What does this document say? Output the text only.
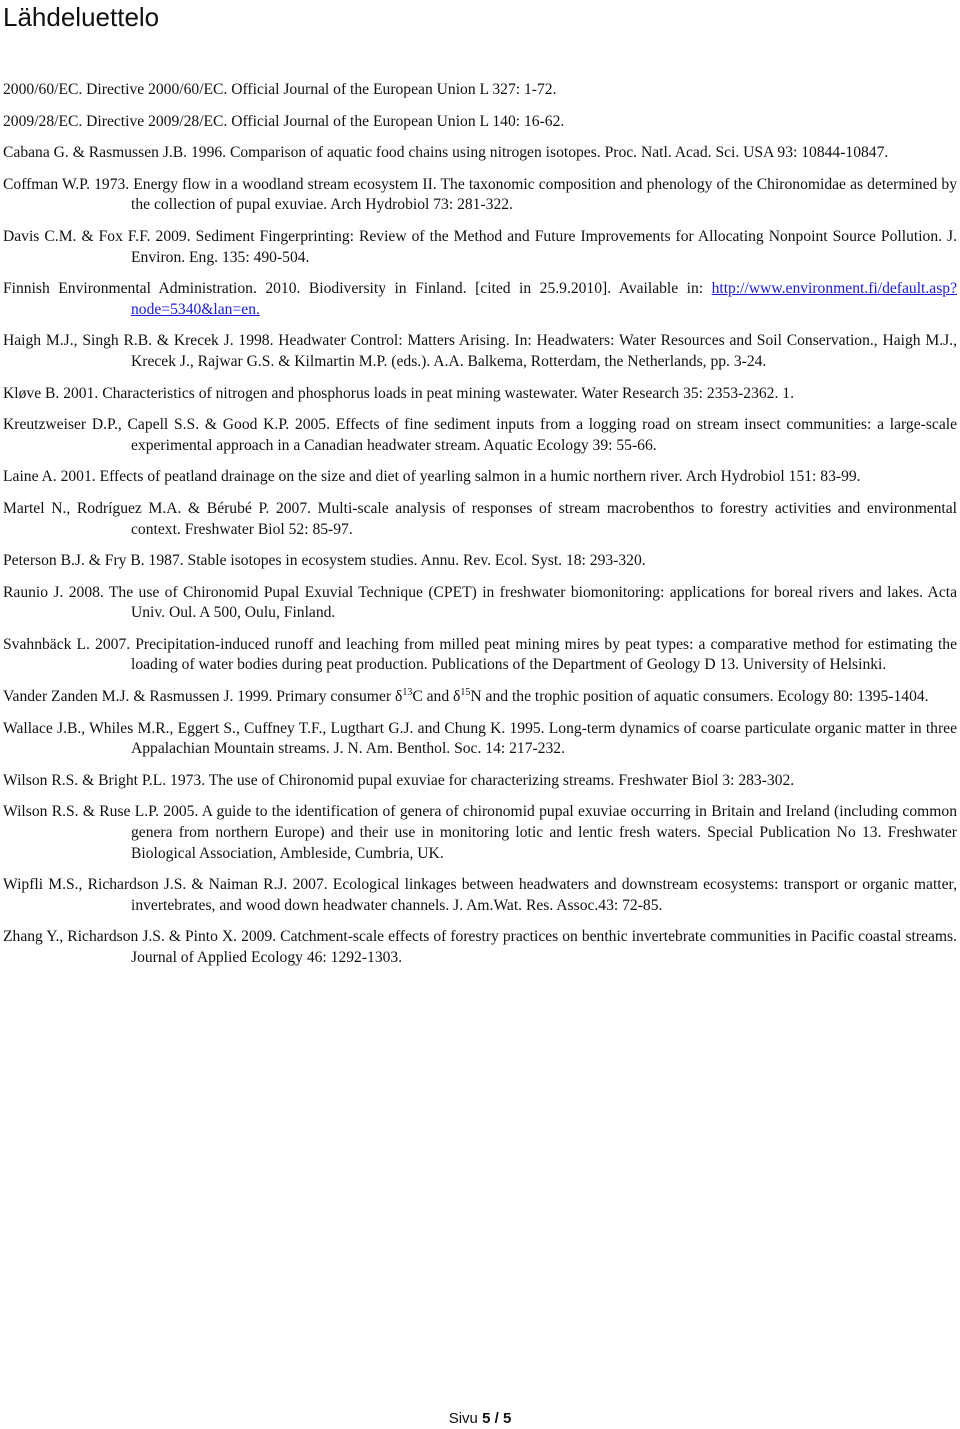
Lähdeluettelo

2000/60/EC. Directive 2000/60/EC. Official Journal of the European Union L 327: 1-72.

2009/28/EC. Directive 2009/28/EC. Official Journal of the European Union L 140: 16-62.

Cabana G. & Rasmussen J.B. 1996. Comparison of aquatic food chains using nitrogen isotopes. Proc. Natl. Acad. Sci. USA 93: 10844-10847.

Coffman W.P. 1973. Energy flow in a woodland stream ecosystem II. The taxonomic composition and phenology of the Chironomidae as determined by the collection of pupal exuviae. Arch Hydrobiol 73: 281-322.

Davis C.M. & Fox F.F. 2009. Sediment Fingerprinting: Review of the Method and Future Improvements for Allocating Nonpoint Source Pollution. J. Environ. Eng. 135: 490-504.

Finnish Environmental Administration. 2010. Biodiversity in Finland. [cited in 25.9.2010]. Available in: http://www.environment.fi/default.asp?node=5340&lan=en.

Haigh M.J., Singh R.B. & Krecek J. 1998. Headwater Control: Matters Arising. In: Headwaters: Water Resources and Soil Conservation., Haigh M.J., Krecek J., Rajwar G.S. & Kilmartin M.P. (eds.). A.A. Balkema, Rotterdam, the Netherlands, pp. 3-24.

Kløve B. 2001. Characteristics of nitrogen and phosphorus loads in peat mining wastewater. Water Research 35: 2353-2362. 1.

Kreutzweiser D.P., Capell S.S. & Good K.P. 2005. Effects of fine sediment inputs from a logging road on stream insect communities: a large-scale experimental approach in a Canadian headwater stream. Aquatic Ecology 39: 55-66.

Laine A. 2001. Effects of peatland drainage on the size and diet of yearling salmon in a humic northern river. Arch Hydrobiol 151: 83-99.

Martel N., Rodríguez M.A. & Bérubé P. 2007. Multi-scale analysis of responses of stream macrobenthos to forestry activities and environmental context. Freshwater Biol 52: 85-97.

Peterson B.J. & Fry B. 1987. Stable isotopes in ecosystem studies. Annu. Rev. Ecol. Syst. 18: 293-320.

Raunio J. 2008. The use of Chironomid Pupal Exuvial Technique (CPET) in freshwater biomonitoring: applications for boreal rivers and lakes. Acta Univ. Oul. A 500, Oulu, Finland.

Svahnbäck L. 2007. Precipitation-induced runoff and leaching from milled peat mining mires by peat types: a comparative method for estimating the loading of water bodies during peat production. Publications of the Department of Geology D 13. University of Helsinki.

Vander Zanden M.J. & Rasmussen J. 1999. Primary consumer $\delta^{13}C$ and $\delta^{15}N$ and the trophic position of aquatic consumers. Ecology 80: 1395-1404.

Wallace J.B., Whiles M.R., Eggert S., Cuffney T.F., Lugthart G.J. and Chung K. 1995. Long-term dynamics of coarse particulate organic matter in three Appalachian Mountain streams. J. N. Am. Benthol. Soc. 14: 217-232.

Wilson R.S. & Bright P.L. 1973. The use of Chironomid pupal exuviae for characterizing streams. Freshwater Biol 3: 283-302.

Wilson R.S. & Ruse L.P. 2005. A guide to the identification of genera of chironomid pupal exuviae occurring in Britain and Ireland (including common genera from northern Europe) and their use in monitoring lotic and lentic fresh waters. Special Publication No 13. Freshwater Biological Association, Ambleside, Cumbria, UK.

Wipfli M.S., Richardson J.S. & Naiman R.J. 2007. Ecological linkages between headwaters and downstream ecosystems: transport or organic matter, invertebrates, and wood down headwater channels. J. Am.Wat. Res. Assoc.43: 72-85.

Zhang Y., Richardson J.S. & Pinto X. 2009. Catchment-scale effects of forestry practices on benthic invertebrate communities in Pacific coastal streams. Journal of Applied Ecology 46: 1292-1303.

Sivu 5 / 5
